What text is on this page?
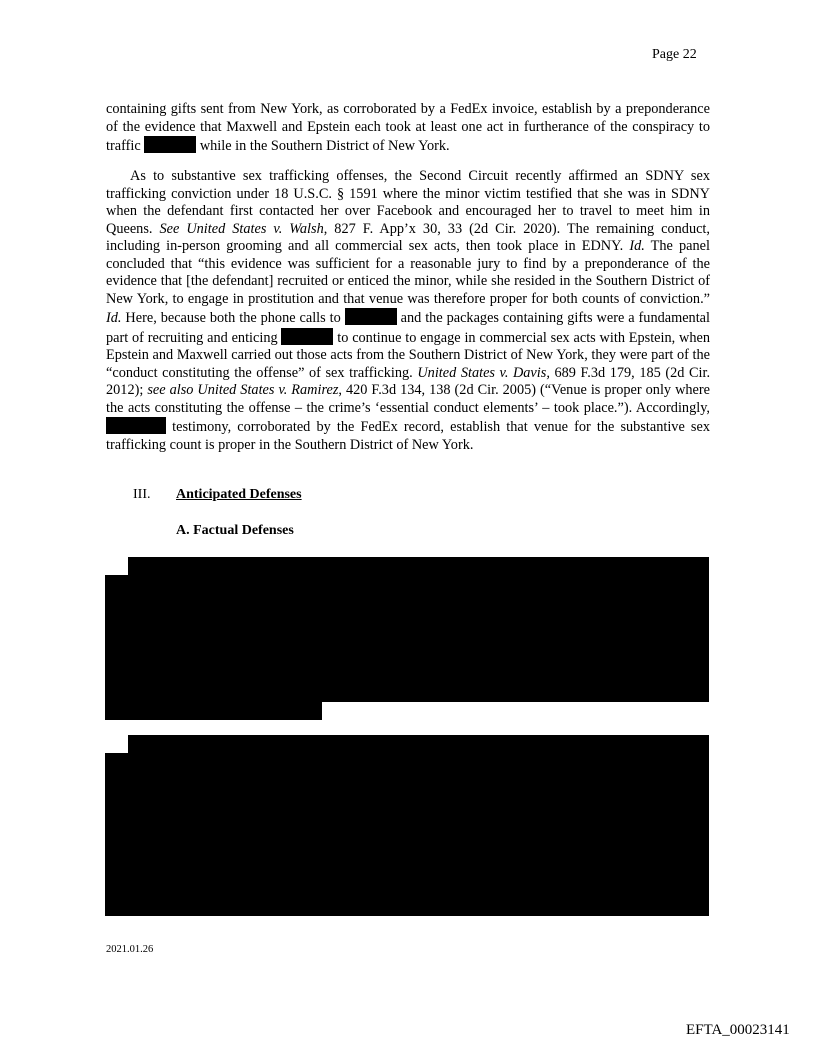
Page 22
containing gifts sent from New York, as corroborated by a FedEx invoice, establish by a preponderance of the evidence that Maxwell and Epstein each took at least one act in furtherance of the conspiracy to traffic	while in the Southern District of New York.
As to substantive sex trafficking offenses, the Second Circuit recently affirmed an SDNY sex trafficking conviction under 18 U.S.C. § 1591 where the minor victim testified that she was in SDNY when the defendant first contacted her over Facebook and encouraged her to travel to meet him in Queens. See United States v. Walsh, 827 F. App’x 30, 33 (2d Cir. 2020). The remaining conduct, including in-person grooming and all commercial sex acts, then took place in EDNY. Id. The panel concluded that “this evidence was sufficient for a reasonable jury to find by a preponderance of the evidence that [the defendant] recruited or enticed the minor, while she resided in the Southern District of New York, to engage in prostitution and that venue was therefore proper for both counts of conviction.” Id. Here, because both the phone calls to	and the packages containing gifts were a fundamental part of recruiting and enticing	to continue to engage in commercial sex acts with Epstein, when Epstein and Maxwell carried out those acts from the Southern District of New York, they were part of the “conduct constituting the offense” of sex trafficking. United States v. Davis, 689 F.3d 179, 185 (2d Cir. 2012); see also United States v. Ramirez, 420 F.3d 134, 138 (2d Cir. 2005) (“Venue is proper only where the acts constituting the offense – the crime’s ‘essential conduct elements’ – took place.”). Accordingly,  testimony, corroborated by the FedEx record, establish that venue for the substantive sex trafficking count is proper in the Southern District of New York.
III. Anticipated Defenses
A. Factual Defenses
2021.01.26
EFTA_00023141
